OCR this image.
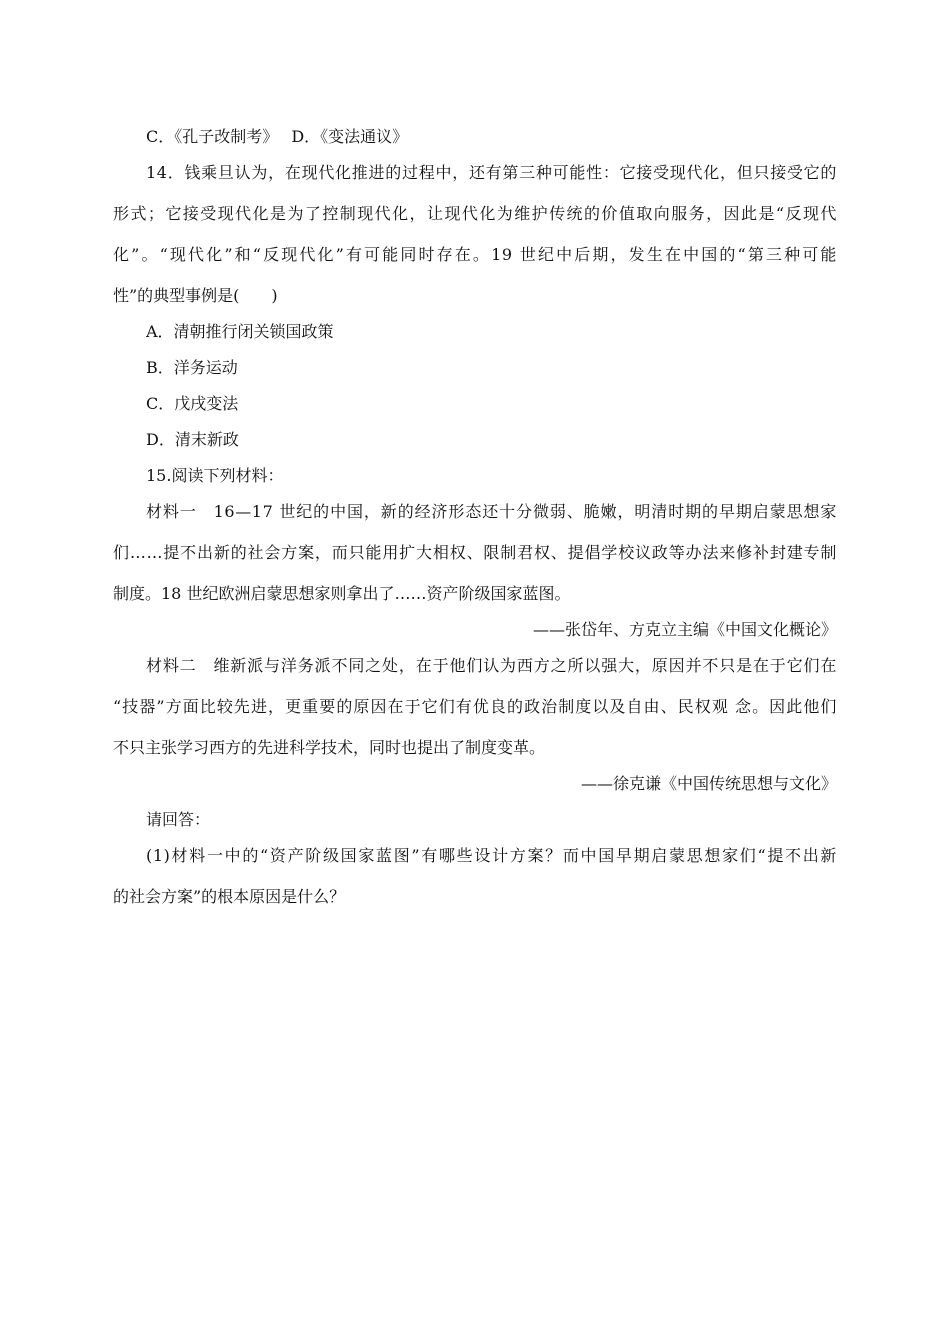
C．《孔子改制考》　 D．《变法通议》
14．钱乘旦认为，在现代化推进的过程中，还有第三种可能性：它接受现代化，但只接受它的
形式；它接受现代化是为了控制现代化，让现代化为维护传统的价值取向服务，因此是“反现代
化”。“现代化”和“反现代化”有可能同时存在。19 世纪中后期，发生在中国的“第三种可能
性”的典型事例是(　　)
A．清朝推行闭关锁国政策
B．洋务运动
C．戊戌变法
D．清末新政
15.阅读下列材料：
材料一　16—17 世纪的中国，新的经济形态还十分微弱、脆嫩，明清时期的早期启蒙思想家
们……提不出新的社会方案，而只能用扩大相权、限制君权、提倡学校议政等办法来修补封建专制
制度。18 世纪欧洲启蒙思想家则拿出了……资产阶级国家蓝图。
——张岱年、方克立主编《中国文化概论》
材料二　维新派与洋务派不同之处，在于他们认为西方之所以强大，原因并不只是在于它们在
“技器”方面比较先进，更重要的原因在于它们有优良的政治制度以及自由、民权观 念。因此他们
不只主张学习西方的先进科学技术，同时也提出了制度变革。
——徐克谦《中国传统思想与文化》
请回答：
(1)材料一中的“资产阶级国家蓝图”有哪些设计方案？而中国早期启蒙思想家们“提不出新
的社会方案”的根本原因是什么？
